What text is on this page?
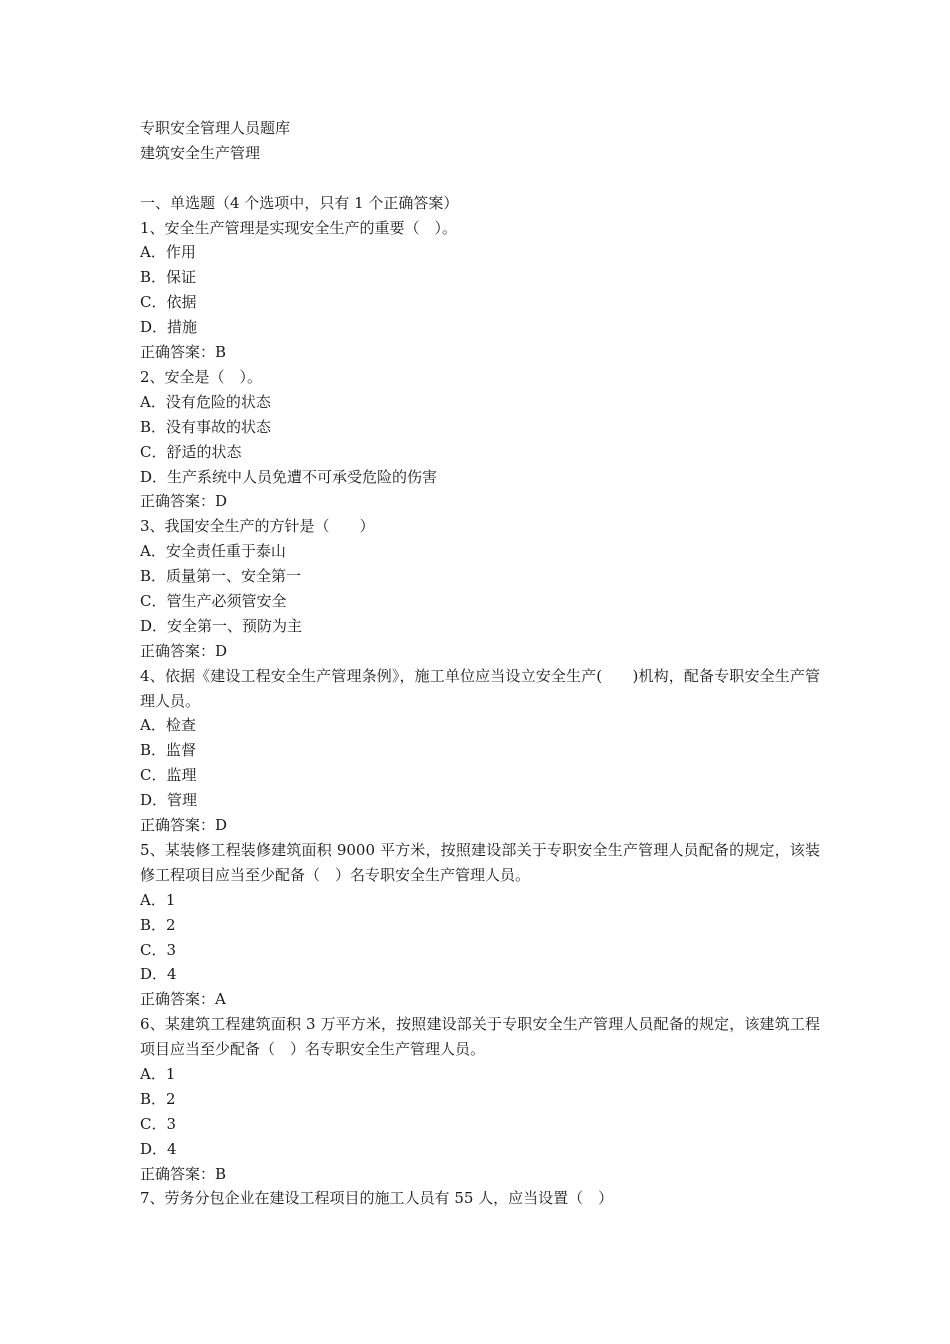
专职安全管理人员题库
建筑安全生产管理
一、单选题（4 个选项中，只有 1 个正确答案）
1、安全生产管理是实现安全生产的重要（　）。
A．作用
B．保证
C．依据
D．措施
正确答案：B
2、安全是（　）。
A．没有危险的状态
B．没有事故的状态
C．舒适的状态
D．生产系统中人员免遭不可承受危险的伤害
正确答案：D
3、我国安全生产的方针是（　　）
A．安全责任重于泰山
B．质量第一、安全第一
C．管生产必须管安全
D．安全第一、预防为主
正确答案：D
4、依据《建设工程安全生产管理条例》，施工单位应当设立安全生产(　　)机构，配备专职安全生产管理人员。
A．检查
B．监督
C．监理
D．管理
正确答案：D
5、某装修工程装修建筑面积 9000 平方米，按照建设部关于专职安全生产管理人员配备的规定，该装修工程项目应当至少配备（　）名专职安全生产管理人员。
A．1
B．2
C．3
D．4
正确答案：A
6、某建筑工程建筑面积 3 万平方米，按照建设部关于专职安全生产管理人员配备的规定，该建筑工程项目应当至少配备（　）名专职安全生产管理人员。
A．1
B．2
C．3
D．4
正确答案：B
7、劳务分包企业在建设工程项目的施工人员有 55 人，应当设置（　）
